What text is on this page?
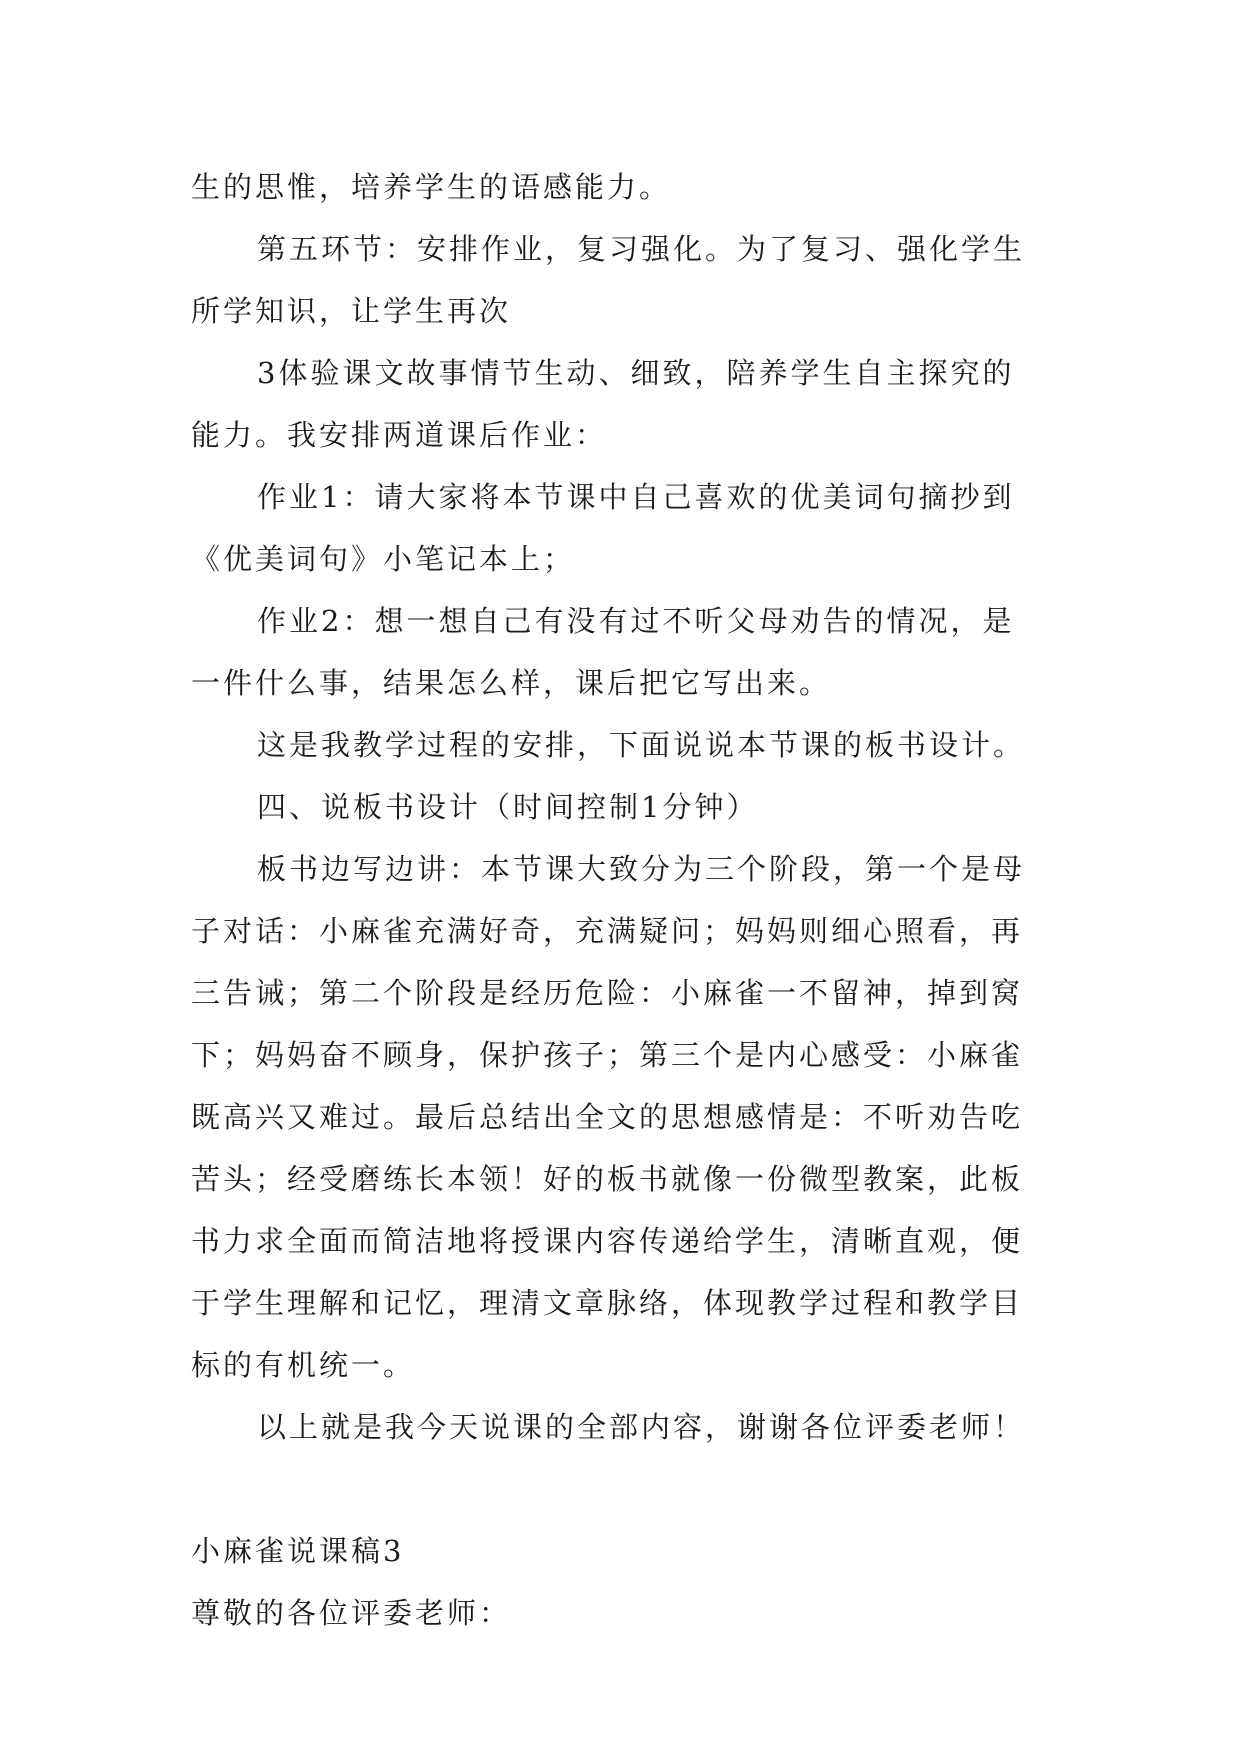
生的思惟，培养学生的语感能力。
第五环节：安排作业，复习强化。为了复习、强化学生
所学知识，让学生再次
3体验课文故事情节生动、细致，陪养学生自主探究的
能力。我安排两道课后作业：
作业1：请大家将本节课中自己喜欢的优美词句摘抄到
《优美词句》小笔记本上；
作业2：想一想自己有没有过不听父母劝告的情况，是
一件什么事，结果怎么样，课后把它写出来。
这是我教学过程的安排，下面说说本节课的板书设计。
四、说板书设计（时间控制1分钟）
板书边写边讲：本节课大致分为三个阶段，第一个是母
子对话：小麻雀充满好奇，充满疑问；妈妈则细心照看，再
三告诫；第二个阶段是经历危险：小麻雀一不留神，掉到窝
下；妈妈奋不顾身，保护孩子；第三个是内心感受：小麻雀
既高兴又难过。最后总结出全文的思想感情是：不听劝告吃
苦头；经受磨练长本领！好的板书就像一份微型教案，此板
书力求全面而简洁地将授课内容传递给学生，清晰直观，便
于学生理解和记忆，理清文章脉络，体现教学过程和教学目
标的有机统一。
以上就是我今天说课的全部内容，谢谢各位评委老师！
小麻雀说课稿3
尊敬的各位评委老师：
